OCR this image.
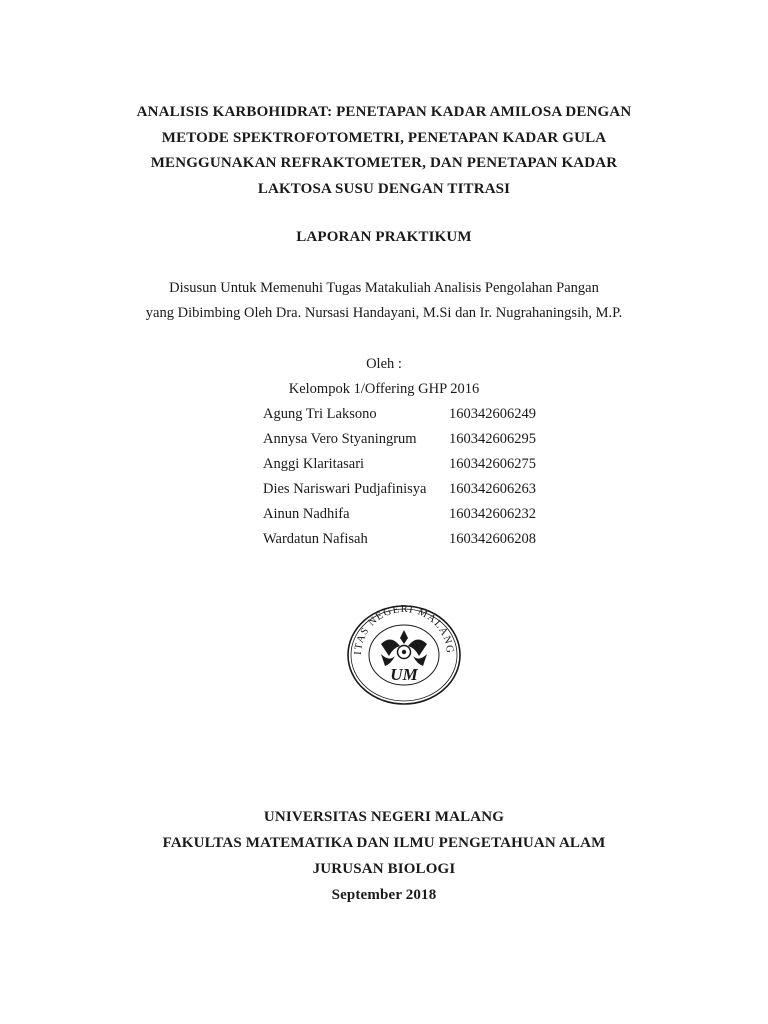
ANALISIS KARBOHIDRAT: PENETAPAN KADAR AMILOSA DENGAN
METODE SPEKTROFOTOMETRI, PENETAPAN KADAR GULA
MENGGUNAKAN REFRAKTOMETER, DAN PENETAPAN KADAR
LAKTOSA SUSU DENGAN TITRASI
LAPORAN PRAKTIKUM
Disusun Untuk Memenuhi Tugas Matakuliah Analisis Pengolahan Pangan
yang Dibimbing Oleh Dra. Nursasi Handayani, M.Si dan Ir. Nugrahaningsih, M.P.
Oleh :
Kelompok 1/Offering GHP 2016
Agung Tri Laksono	160342606249
Annysa Vero Styaningrum	160342606295
Anggi Klaritasari	160342606275
Dies Nariswari Pudjafinisya	160342606263
Ainun Nadhifa	160342606232
Wardatun Nafisah	160342606208
ITAS NEGERI MALANG
UM
UNIVERSITAS NEGERI MALANG
FAKULTAS MATEMATIKA DAN ILMU PENGETAHUAN ALAM
JURUSAN BIOLOGI
September 2018
